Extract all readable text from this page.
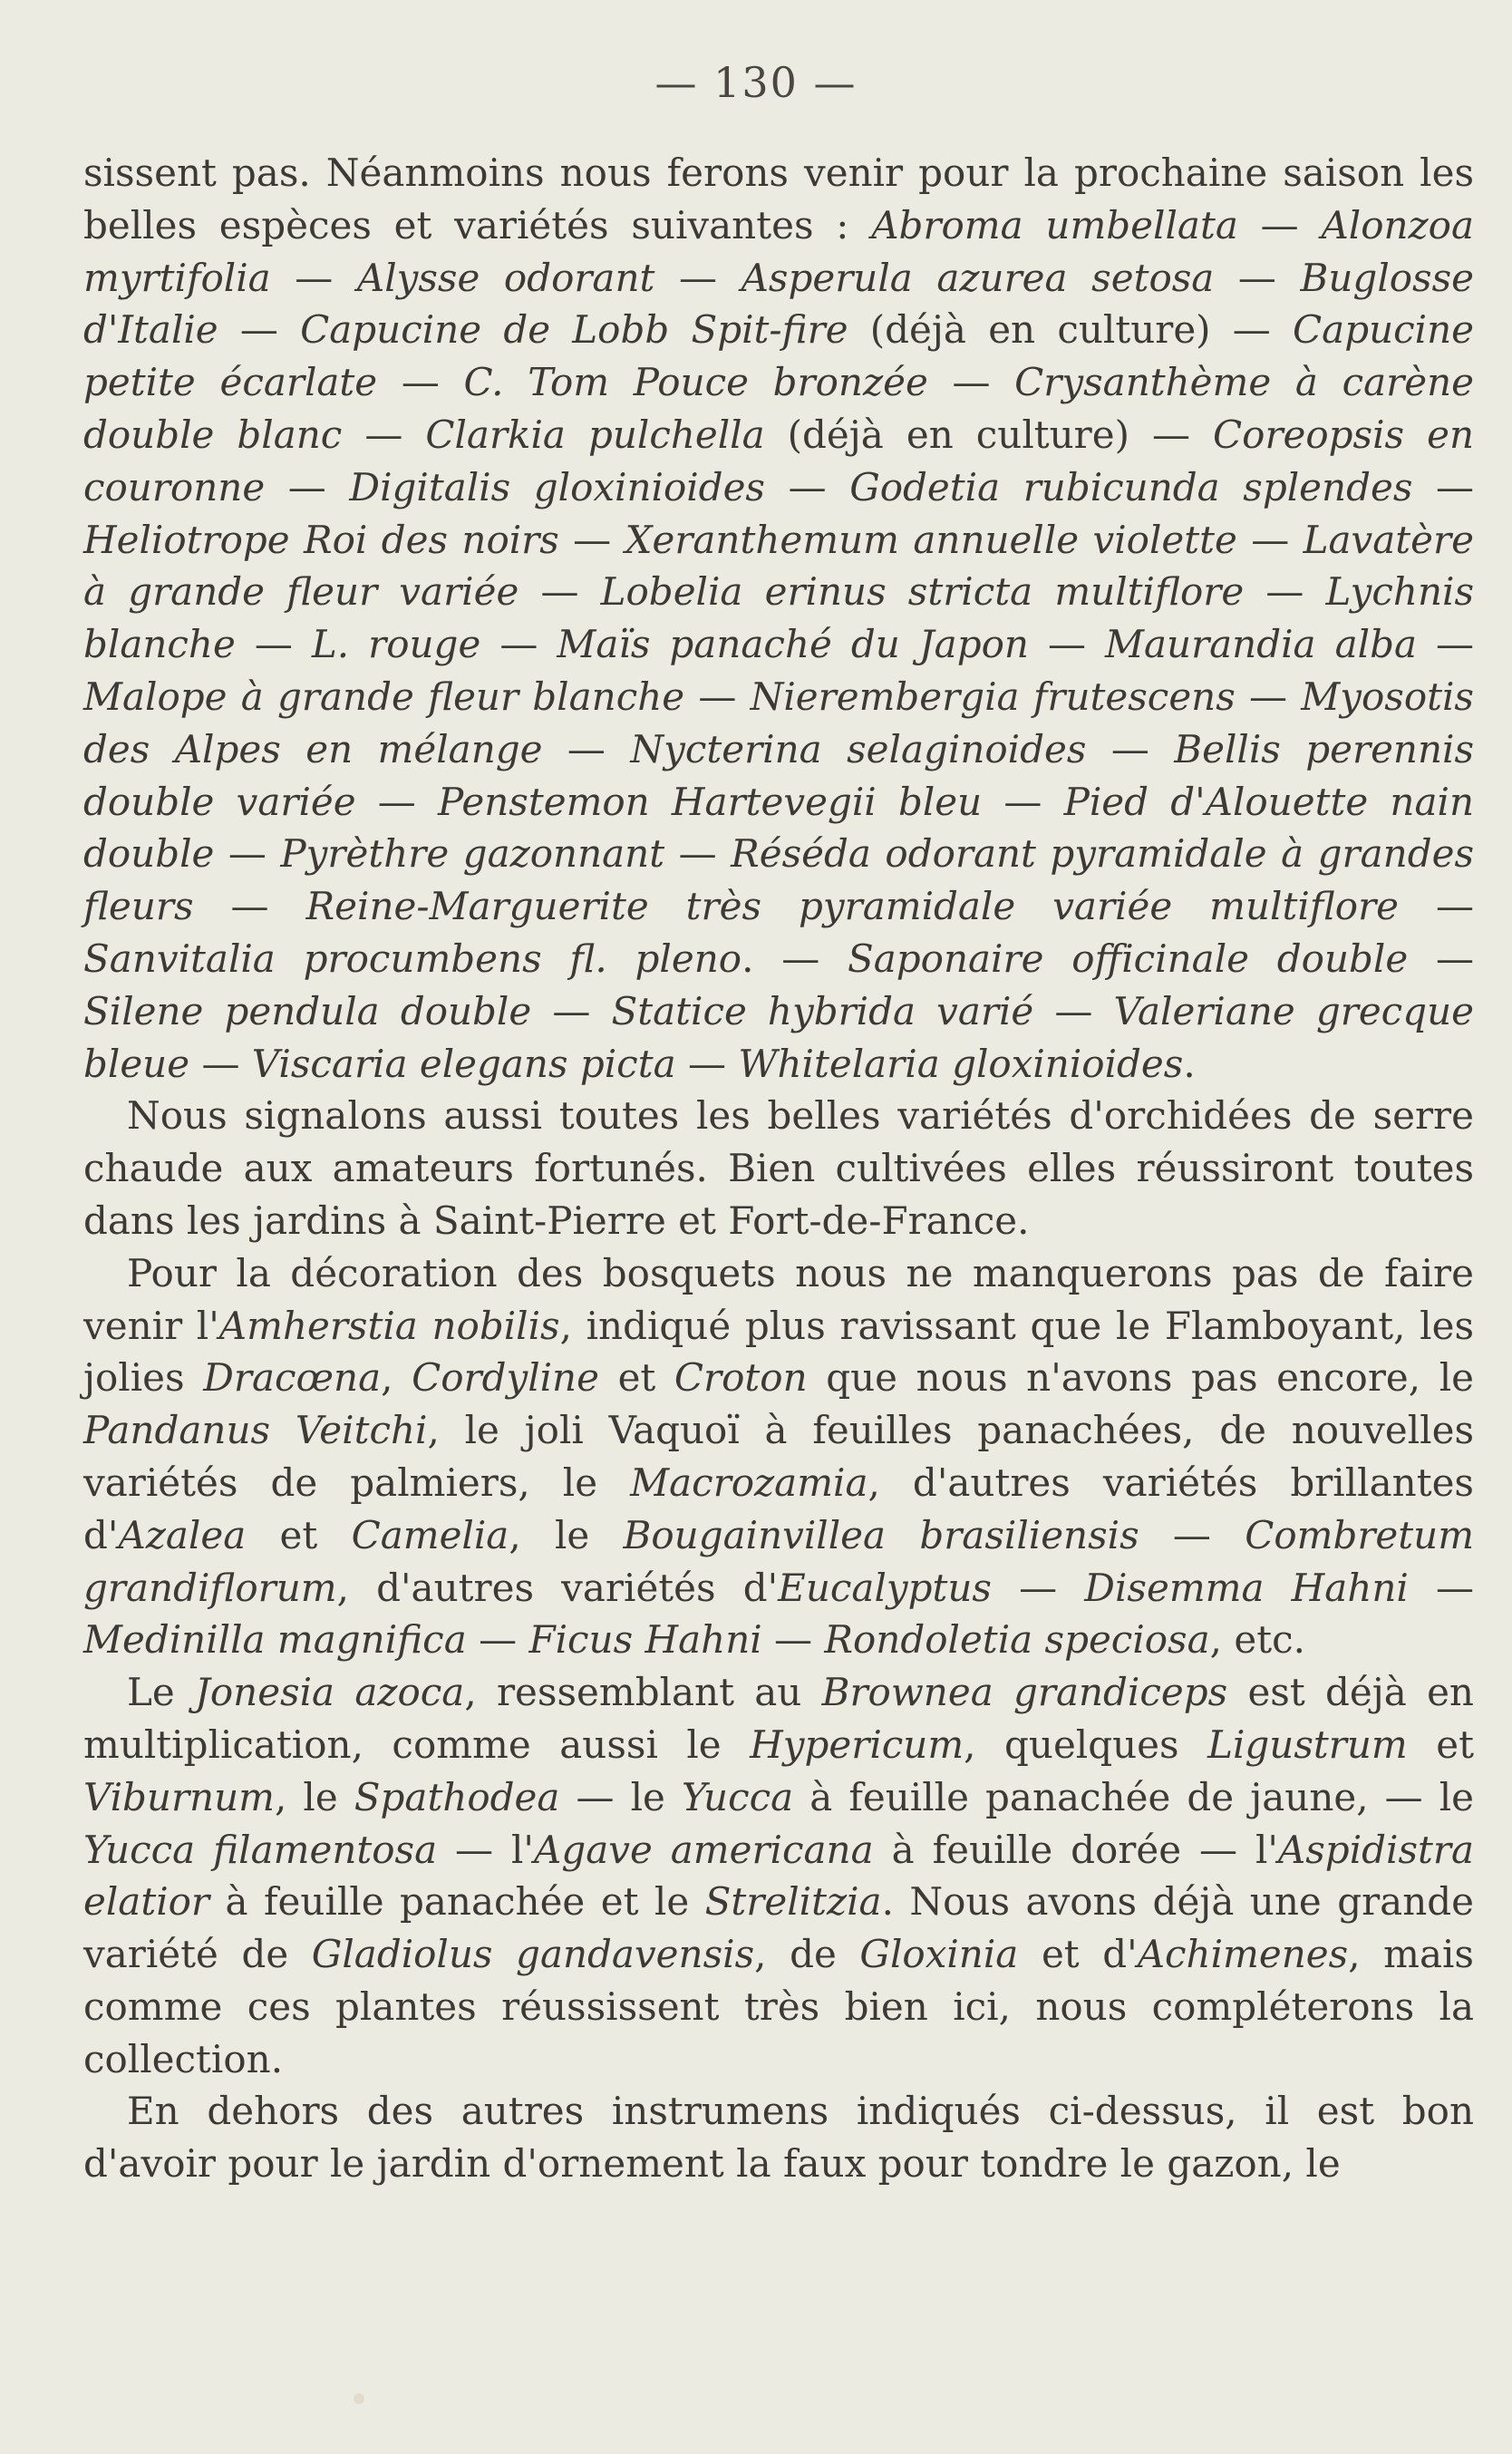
— 130 —

sissent pas. Néanmoins nous ferons venir pour la prochaine saison les belles espèces et variétés suivantes : Abroma umbellata — Alonzoa myrtifolia — Alysse odorant — Asperula azurea setosa — Buglosse d'Italie — Capucine de Lobb Spit-fire (déjà en culture) — Capucine petite écarlate — C. Tom Pouce bronzée — Crysanthème à carène double blanc — Clarkia pulchella (déjà en culture) — Coreopsis en couronne — Digitalis gloxinioides — Godetia rubicunda splendes — Heliotrope Roi des noirs — Xeranthemum annuelle violette — Lavatère à grande fleur variée — Lobelia erinus stricta multiflore — Lychnis blanche — L. rouge — Maïs panaché du Japon — Maurandia alba — Malope à grande fleur blanche — Nierembergia frutescens — Myosotis des Alpes en mélange — Nycterina selaginoides — Bellis perennis double variée — Penstemon Hartevegii bleu — Pied d'Alouette nain double — Pyrèthre gazonnant — Réséda odorant pyramidale à grandes fleurs — Reine-Marguerite très pyramidale variée multiflore — Sanvitalia procumbens fl. pleno. — Saponaire officinale double — Silene pendula double — Statice hybrida varié — Valeriane grecque bleue — Viscaria elegans picta — Whitelaria gloxinioides.

Nous signalons aussi toutes les belles variétés d'orchidées de serre chaude aux amateurs fortunés. Bien cultivées elles réussiront toutes dans les jardins à Saint-Pierre et Fort-de-France.

Pour la décoration des bosquets nous ne manquerons pas de faire venir l'Amherstia nobilis, indiqué plus ravissant que le Flamboyant, les jolies Dracœna, Cordyline et Croton que nous n'avons pas encore, le Pandanus Veitchi, le joli Vaquoï à feuilles panachées, de nouvelles variétés de palmiers, le Macrozamia, d'autres variétés brillantes d'Azalea et Camelia, le Bougainvillea brasiliensis — Combretum grandiflorum, d'autres variétés d'Eucalyptus — Disemma Hahni — Medinilla magnifica — Ficus Hahni — Rondoletia speciosa, etc.

Le Jonesia azoca, ressemblant au Brownea grandiceps est déjà en multiplication, comme aussi le Hypericum, quelques Ligustrum et Viburnum, le Spathodea — le Yucca à feuille panachée de jaune, — le Yucca filamentosa — l'Agave americana à feuille dorée — l'Aspidistra elatior à feuille panachée et le Strelitzia. Nous avons déjà une grande variété de Gladiolus gandavensis, de Gloxinia et d'Achimenes, mais comme ces plantes réussissent très bien ici, nous compléterons la collection.

En dehors des autres instrumens indiqués ci-dessus, il est bon d'avoir pour le jardin d'ornement la faux pour tondre le gazon, le
